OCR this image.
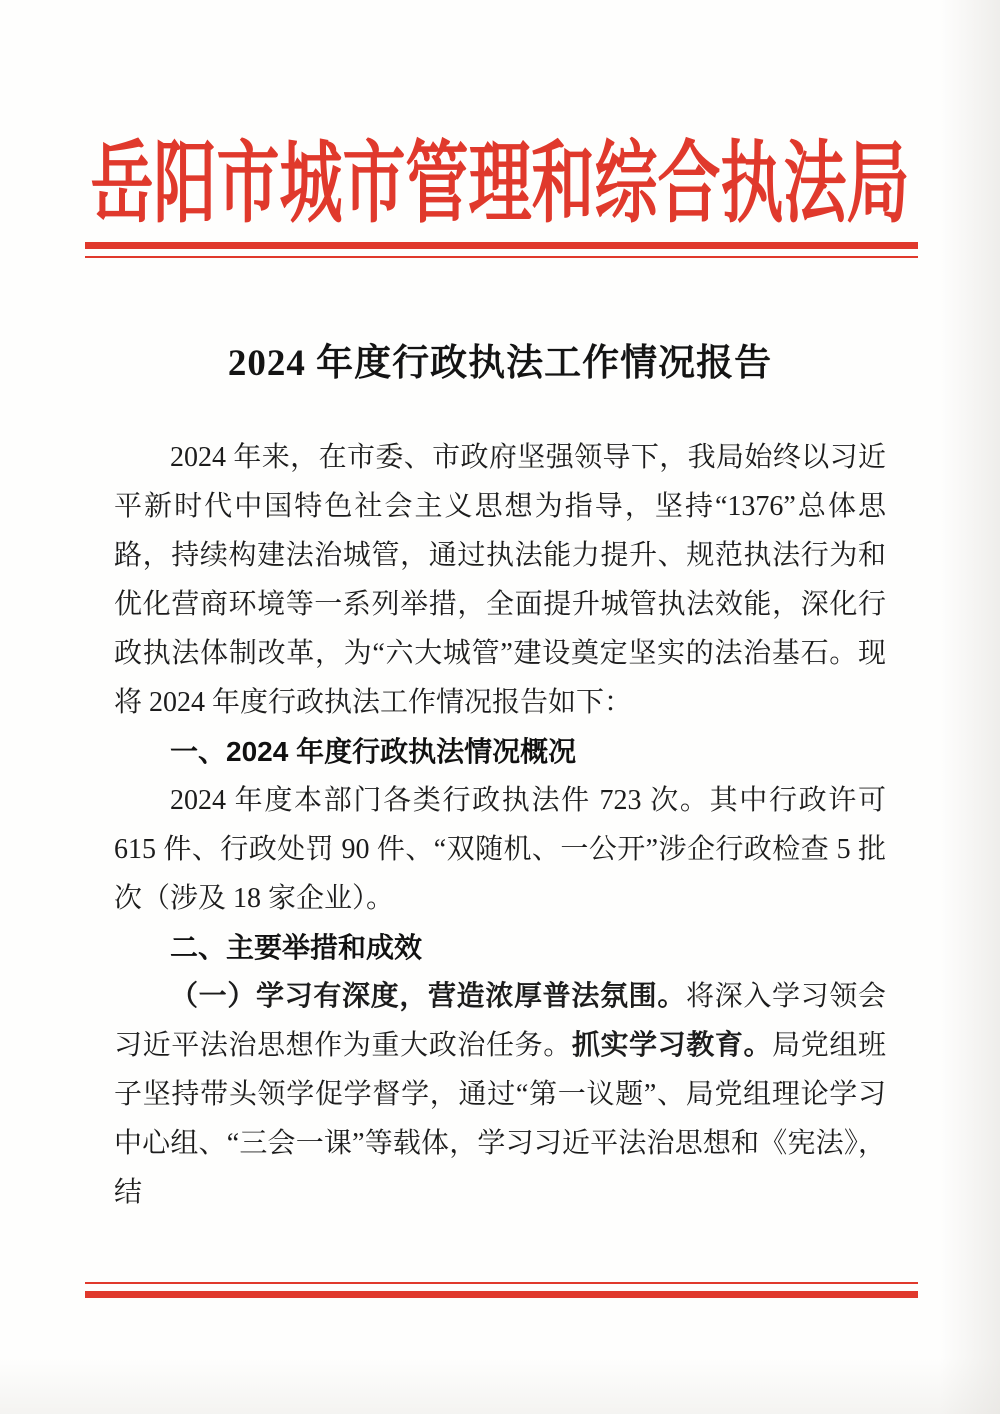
岳阳市城市管理和综合执法局
2024 年度行政执法工作情况报告

2024 年来，在市委、市政府坚强领导下，我局始终以习近平新时代中国特色社会主义思想为指导，坚持“1376”总体思路，持续构建法治城管，通过执法能力提升、规范执法行为和优化营商环境等一系列举措，全面提升城管执法效能，深化行政执法体制改革，为“六大城管”建设奠定坚实的法治基石。现将 2024 年度行政执法工作情况报告如下：

一、2024 年度行政执法情况概况

2024 年度本部门各类行政执法件 723 次。其中行政许可 615 件、行政处罚 90 件、“双随机、一公开”涉企行政检查 5 批次（涉及 18 家企业）。

二、主要举措和成效

（一）学习有深度，营造浓厚普法氛围。将深入学习领会习近平法治思想作为重大政治任务。抓实学习教育。局党组班子坚持带头领学促学督学，通过“第一议题”、局党组理论学习中心组、“三会一课”等载体，学习习近平法治思想和《宪法》，结
